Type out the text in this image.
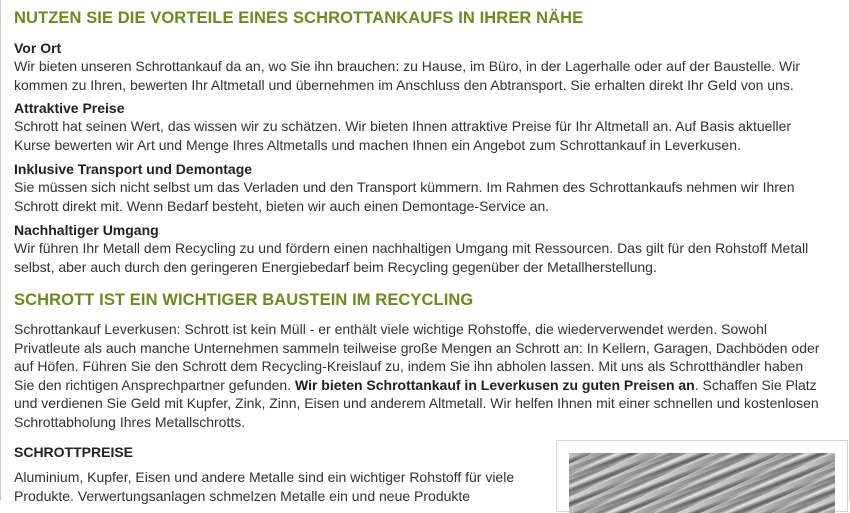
NUTZEN SIE DIE VORTEILE EINES SCHROTTANKAUFS IN IHRER NÄHE
Vor Ort

Wir bieten unseren Schrottankauf da an, wo Sie ihn brauchen: zu Hause, im Büro, in der Lagerhalle oder auf der Baustelle. Wir kommen zu Ihren, bewerten Ihr Altmetall und übernehmen im Anschluss den Abtransport. Sie erhalten direkt Ihr Geld von uns.

Attraktive Preise

Schrott hat seinen Wert, das wissen wir zu schätzen. Wir bieten Ihnen attraktive Preise für Ihr Altmetall an. Auf Basis aktueller Kurse bewerten wir Art und Menge Ihres Altmetalls und machen Ihnen ein Angebot zum Schrottankauf in Leverkusen.

Inklusive Transport und Demontage

Sie müssen sich nicht selbst um das Verladen und den Transport kümmern. Im Rahmen des Schrottankaufs nehmen wir Ihren Schrott direkt mit. Wenn Bedarf besteht, bieten wir auch einen Demontage-Service an.

Nachhaltiger Umgang

Wir führen Ihr Metall dem Recycling zu und fördern einen nachhaltigen Umgang mit Ressourcen. Das gilt für den Rohstoff Metall selbst, aber auch durch den geringeren Energiebedarf beim Recycling gegenüber der Metallherstellung.

SCHROTT IST EIN WICHTIGER BAUSTEIN IM RECYCLING

Schrottankauf Leverkusen: Schrott ist kein Müll - er enthält viele wichtige Rohstoffe, die wiederverwendet werden. Sowohl Privatleute als auch manche Unternehmen sammeln teilweise große Mengen an Schrott an: In Kellern, Garagen, Dachböden oder auf Höfen. Führen Sie den Schrott dem Recycling-Kreislauf zu, indem Sie ihn abholen lassen. Mit uns als Schrotthändler haben Sie den richtigen Ansprechpartner gefunden. Wir bieten Schrottankauf in Leverkusen zu guten Preisen an. Schaffen Sie Platz und verdienen Sie Geld mit Kupfer, Zink, Zinn, Eisen und anderem Altmetall. Wir helfen Ihnen mit einer schnellen und kostenlosen Schrottabholung Ihres Metallschrotts.

SCHROTTPREISE

Aluminium, Kupfer, Eisen und andere Metalle sind ein wichtiger Rohstoff für viele Produkte. Verwertungsanlagen schmelzen Metalle ein und neue Produkte
